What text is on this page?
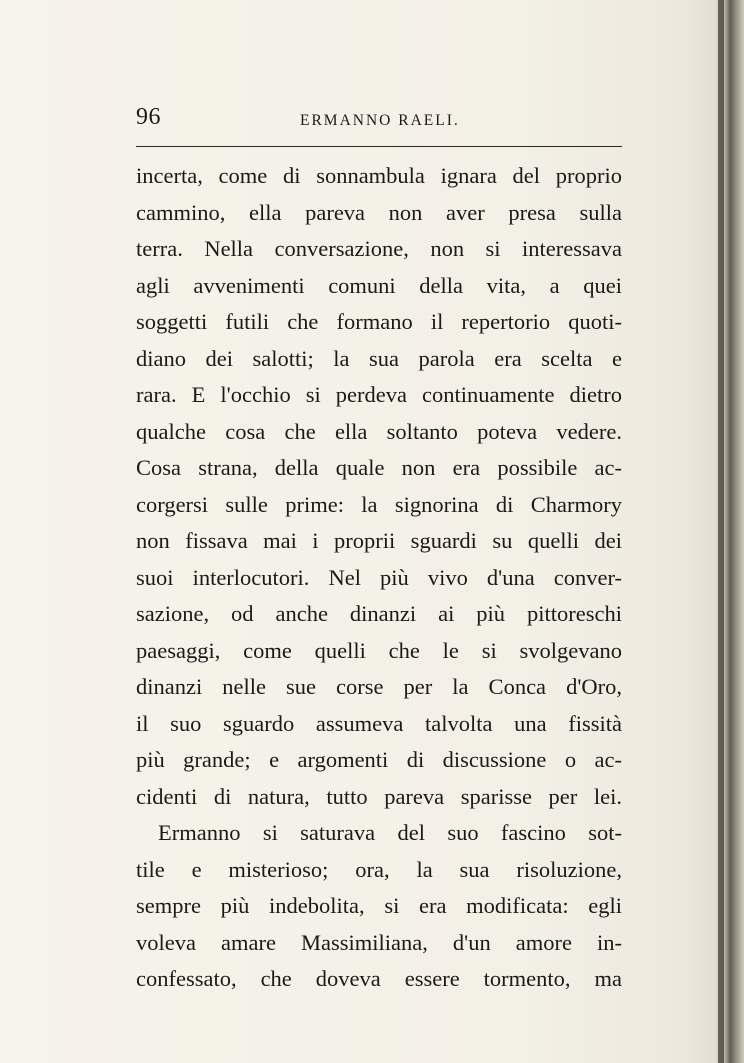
96	ERMANNO RAELI.
incerta, come di sonnambula ignara del proprio
cammino, ella pareva non aver presa sulla
terra. Nella conversazione, non si interessava
agli avvenimenti comuni della vita, a quei
soggetti futili che formano il repertorio quoti-
diano dei salotti; la sua parola era scelta e
rara. E l'occhio si perdeva continuamente dietro
qualche cosa che ella soltanto poteva vedere.
Cosa strana, della quale non era possibile ac-
corgersi sulle prime: la signorina di Charmory
non fissava mai i proprii sguardi su quelli dei
suoi interlocutori. Nel più vivo d'una conver-
sazione, od anche dinanzi ai più pittoreschi
paesaggi, come quelli che le si svolgevano
dinanzi nelle sue corse per la Conca d'Oro,
il suo sguardo assumeva talvolta una fissità
più grande; e argomenti di discussione o ac-
cidenti di natura, tutto pareva sparisse per lei.
Ermanno si saturava del suo fascino sot-
tile e misterioso; ora, la sua risoluzione,
sempre più indebolita, si era modificata: egli
voleva amare Massimiliana, d'un amore in-
confessato, che doveva essere tormento, ma
